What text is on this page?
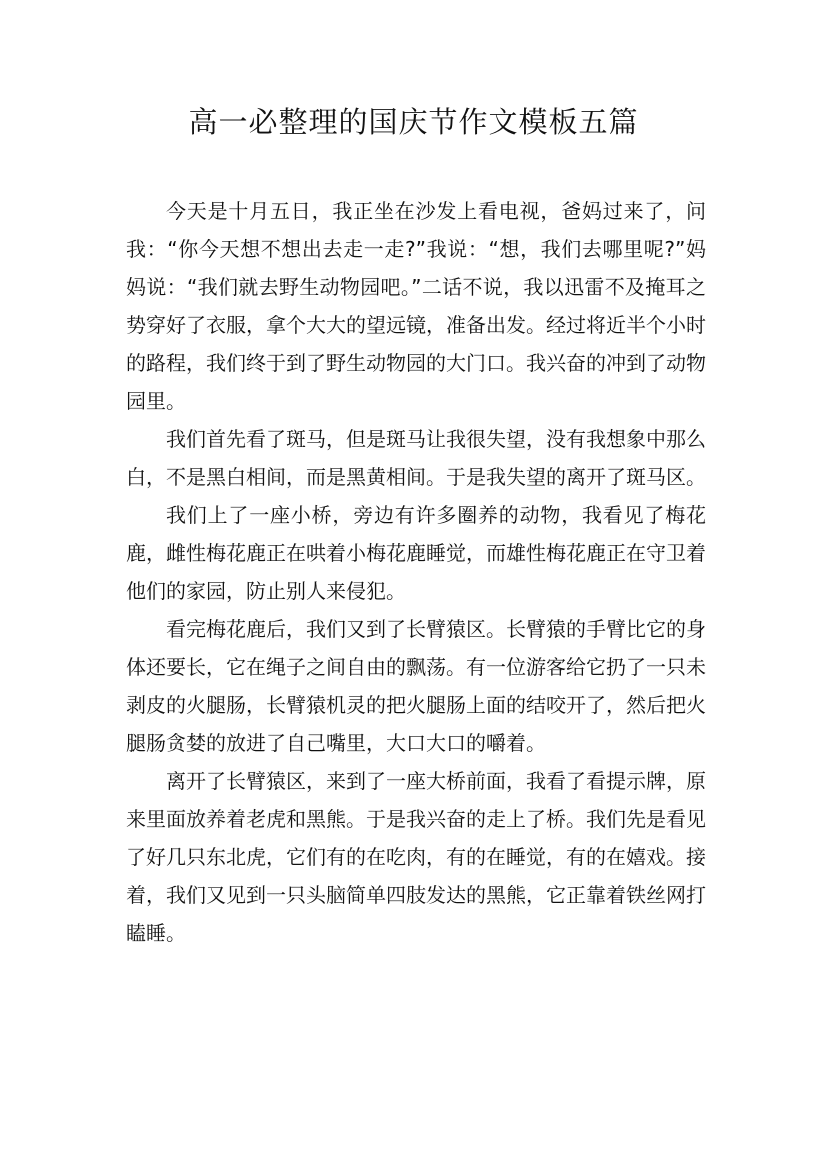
高一必整理的国庆节作文模板五篇

今天是十月五日，我正坐在沙发上看电视，爸妈过来了，问我：“你今天想不想出去走一走?”我说：“想，我们去哪里呢?”妈妈说：“我们就去野生动物园吧。”二话不说，我以迅雷不及掩耳之势穿好了衣服，拿个大大的望远镜，准备出发。经过将近半个小时的路程，我们终于到了野生动物园的大门口。我兴奋的冲到了动物园里。

我们首先看了斑马，但是斑马让我很失望，没有我想象中那么白，不是黑白相间，而是黑黄相间。于是我失望的离开了斑马区。

我们上了一座小桥，旁边有许多圈养的动物，我看见了梅花鹿，雌性梅花鹿正在哄着小梅花鹿睡觉，而雄性梅花鹿正在守卫着他们的家园，防止别人来侵犯。

看完梅花鹿后，我们又到了长臂猿区。长臂猿的手臂比它的身体还要长，它在绳子之间自由的飘荡。有一位游客给它扔了一只未剥皮的火腿肠，长臂猿机灵的把火腿肠上面的结咬开了，然后把火腿肠贪婪的放进了自己嘴里，大口大口的嚼着。

离开了长臂猿区，来到了一座大桥前面，我看了看提示牌，原来里面放养着老虎和黑熊。于是我兴奋的走上了桥。我们先是看见了好几只东北虎，它们有的在吃肉，有的在睡觉，有的在嬉戏。接着，我们又见到一只头脑简单四肢发达的黑熊，它正靠着铁丝网打瞌睡。
